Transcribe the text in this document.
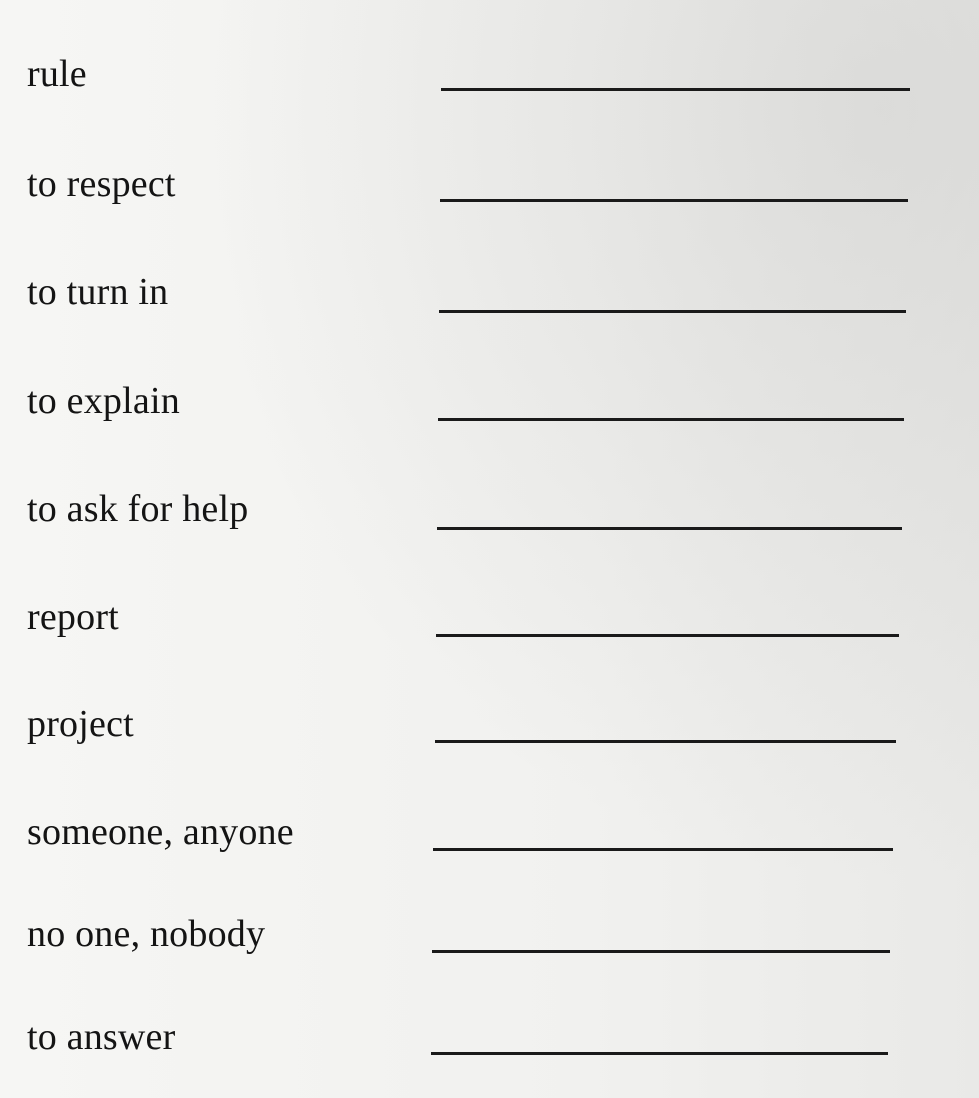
rule
to respect
to turn in
to explain
to ask for help
report
project
someone, anyone
no one, nobody
to answer
